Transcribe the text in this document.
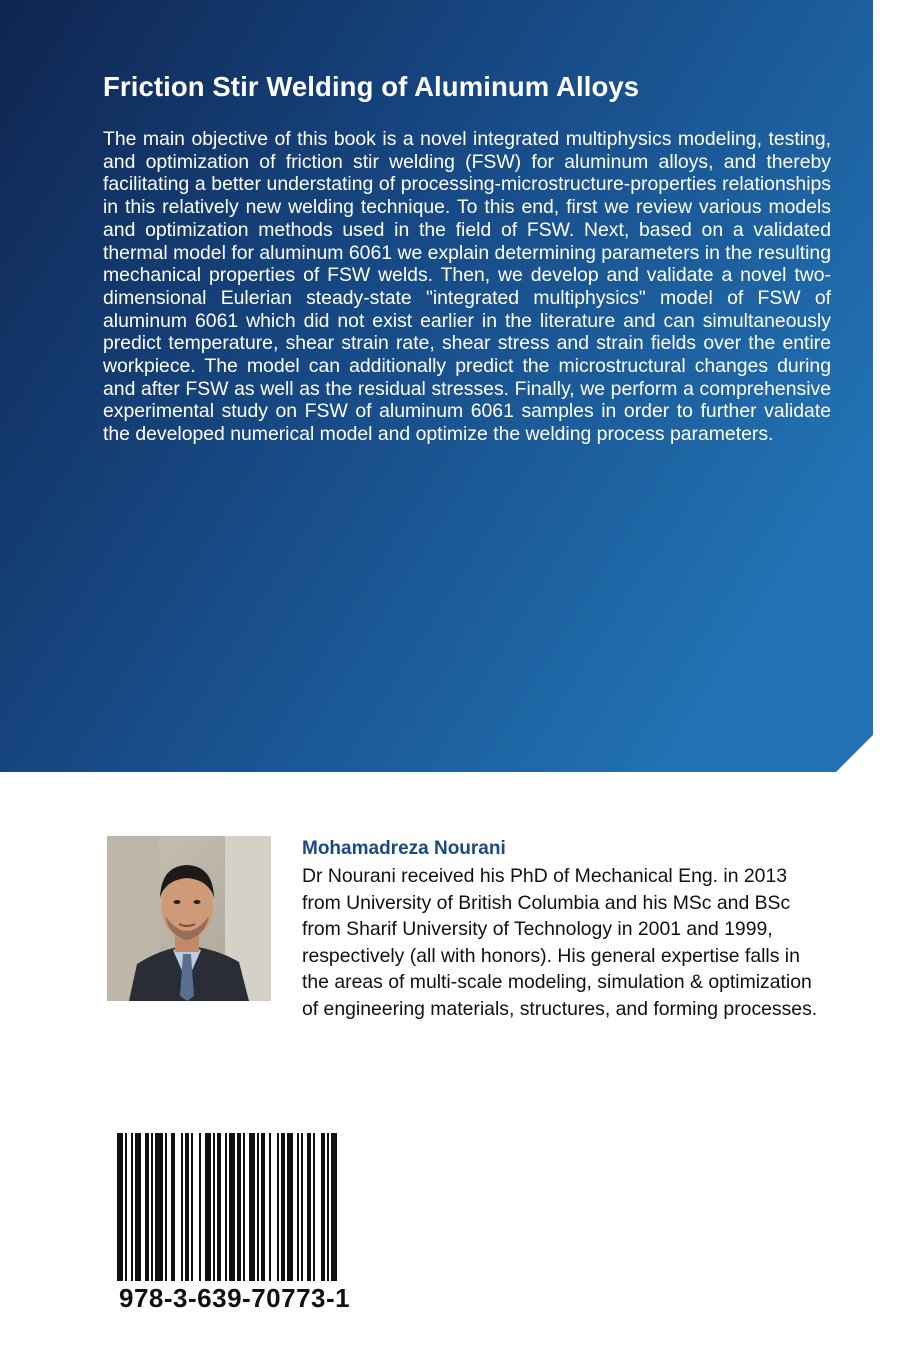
Friction Stir Welding of Aluminum Alloys

The main objective of this book is a novel integrated multiphysics modeling, testing, and optimization of friction stir welding (FSW) for aluminum alloys, and thereby facilitating a better understating of processing-microstructure-properties relationships in this relatively new welding technique. To this end, first we review various models and optimization methods used in the field of FSW. Next, based on a validated thermal model for aluminum 6061 we explain determining parameters in the resulting mechanical properties of FSW welds. Then, we develop and validate a novel two-dimensional Eulerian steady-state "integrated multiphysics" model of FSW of aluminum 6061 which did not exist earlier in the literature and can simultaneously predict temperature, shear strain rate, shear stress and strain fields over the entire workpiece. The model can additionally predict the microstructural changes during and after FSW as well as the residual stresses. Finally, we perform a comprehensive experimental study on FSW of aluminum 6061 samples in order to further validate the developed numerical model and optimize the welding process parameters.

Mohamadreza Nourani

Dr Nourani received his PhD of Mechanical Eng. in 2013 from University of British Columbia and his MSc and BSc from Sharif University of Technology in 2001 and 1999, respectively (all with honors). His general expertise falls in the areas of multi-scale modeling, simulation & optimization of engineering materials, structures, and forming processes.

978-3-639-70773-1
